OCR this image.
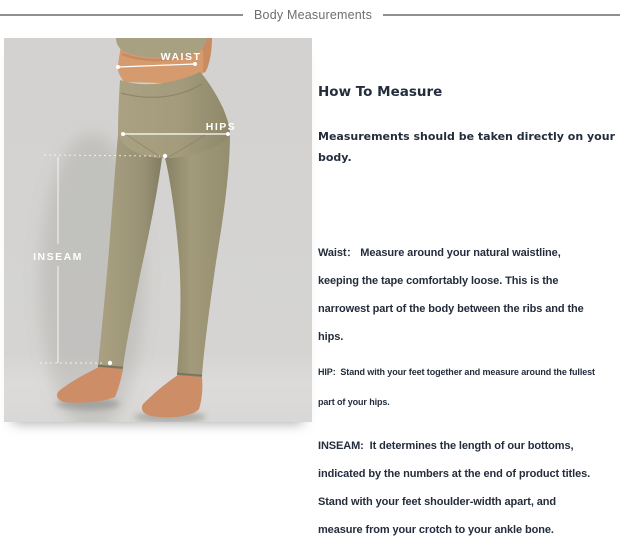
Body Measurements
WAIST
HIPS
INSEAM
How To Measure
Measurements should be taken directly on your
body.
Waist： Measure around your natural waistline,
keeping the tape comfortably loose. This is the
narrowest part of the body between the ribs and the
hips.
HIP:  Stand with your feet together and measure around the fullest
part of your hips.
INSEAM:  It determines the length of our bottoms,
indicated by the numbers at the end of product titles.
Stand with your feet shoulder-width apart, and
measure from your crotch to your ankle bone.
